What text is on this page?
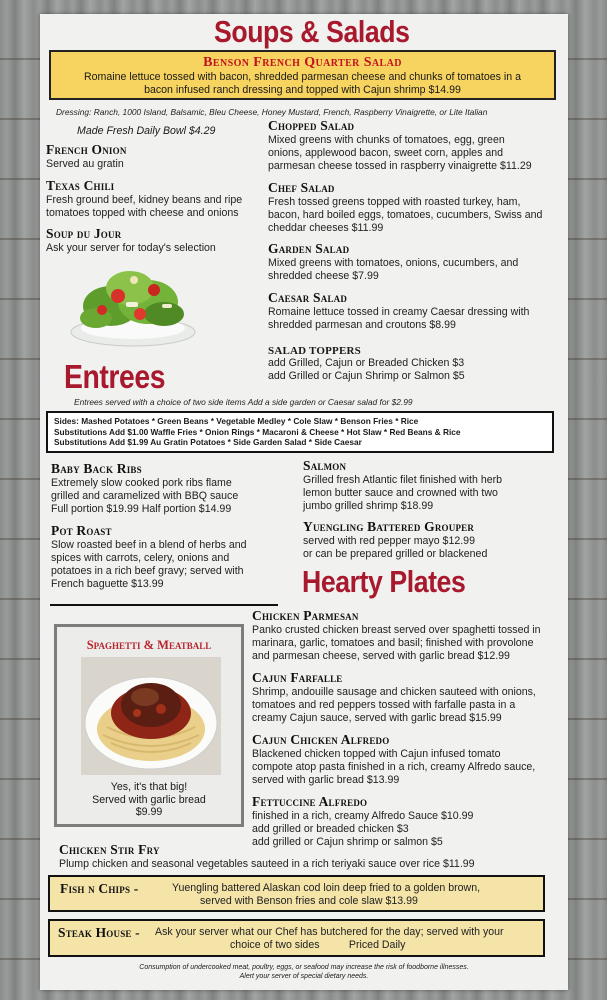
Soups & Salads
Benson French Quarter Salad
Romaine lettuce tossed with bacon, shredded parmesan cheese and chunks of tomatoes in a
bacon infused ranch dressing and topped with Cajun shrimp $14.99
Dressing: Ranch, 1000 Island, Balsamic, Bleu Cheese, Honey Mustard, French, Raspberry Vinaigrette, or Lite Italian
Made Fresh Daily Bowl $4.29
French Onion
Served au gratin
Texas Chili
Fresh ground beef, kidney beans and ripe
tomatoes topped with cheese and onions
Soup du Jour
Ask your server for today's selection
Chopped Salad
Mixed greens with chunks of tomatoes, egg, green
onions, applewood bacon, sweet corn, apples and
parmesan cheese tossed in raspberry vinaigrette $11.29
Chef Salad
Fresh tossed greens topped with roasted turkey, ham,
bacon, hard boiled eggs, tomatoes, cucumbers, Swiss and
cheddar cheeses $11.99
Garden Salad
Mixed greens with tomatoes, onions, cucumbers, and
shredded cheese $7.99
Caesar Salad
Romaine lettuce tossed in creamy Caesar dressing with
shredded parmesan and croutons $8.99
SALAD TOPPERS
add Grilled, Cajun or Breaded Chicken $3
add Grilled or Cajun Shrimp or Salmon $5
Entrees
Entrees served with a choice of two side items Add a side garden or Caesar salad for $2.99
Sides: Mashed Potatoes * Green Beans * Vegetable Medley * Cole Slaw * Benson Fries * Rice
Substitutions Add $1.00 Waffle Fries * Onion Rings * Macaroni & Cheese * Hot Slaw * Red Beans & Rice
Substitutions Add $1.99 Au Gratin Potatoes * Side Garden Salad * Side Caesar
Baby Back Ribs
Extremely slow cooked pork ribs flame
grilled and caramelized with BBQ sauce
Full portion $19.99 Half portion $14.99
Pot Roast
Slow roasted beef in a blend of herbs and
spices with carrots, celery, onions and
potatoes in a rich beef gravy; served with
French baguette $13.99
Salmon
Grilled fresh Atlantic filet finished with herb
lemon butter sauce and crowned with two
jumbo grilled shrimp $18.99
Yuengling Battered Grouper
served with red pepper mayo $12.99
or can be prepared grilled or blackened
Hearty Plates
Spaghetti & Meatball
Yes, it's that big!
Served with garlic bread
$9.99
Chicken Parmesan
Panko crusted chicken breast served over spaghetti tossed in
marinara, garlic, tomatoes and basil; finished with provolone
and parmesan cheese, served with garlic bread $12.99
Cajun Farfalle
Shrimp, andouille sausage and chicken sauteed with onions,
tomatoes and red peppers tossed with farfalle pasta in a
creamy Cajun sauce, served with garlic bread $15.99
Cajun Chicken Alfredo
Blackened chicken topped with Cajun infused tomato
compote atop pasta finished in a rich, creamy Alfredo sauce,
served with garlic bread $13.99
Fettuccine Alfredo
finished in a rich, creamy Alfredo Sauce $10.99
add grilled or breaded chicken $3
add grilled or Cajun shrimp or salmon $5
Chicken Stir Fry
Plump chicken and seasonal vegetables sauteed in a rich teriyaki sauce over rice $11.99
Fish n Chips -	Yuengling battered Alaskan cod loin deep fried to a golden brown,
served with Benson fries and cole slaw $13.99
Steak House - Ask your server what our Chef has butchered for the day; served with your
choice of two sides          Priced Daily
Consumption of undercooked meat, poultry, eggs, or seafood may increase the risk of foodborne illnesses.
Alert your server of special dietary needs.
